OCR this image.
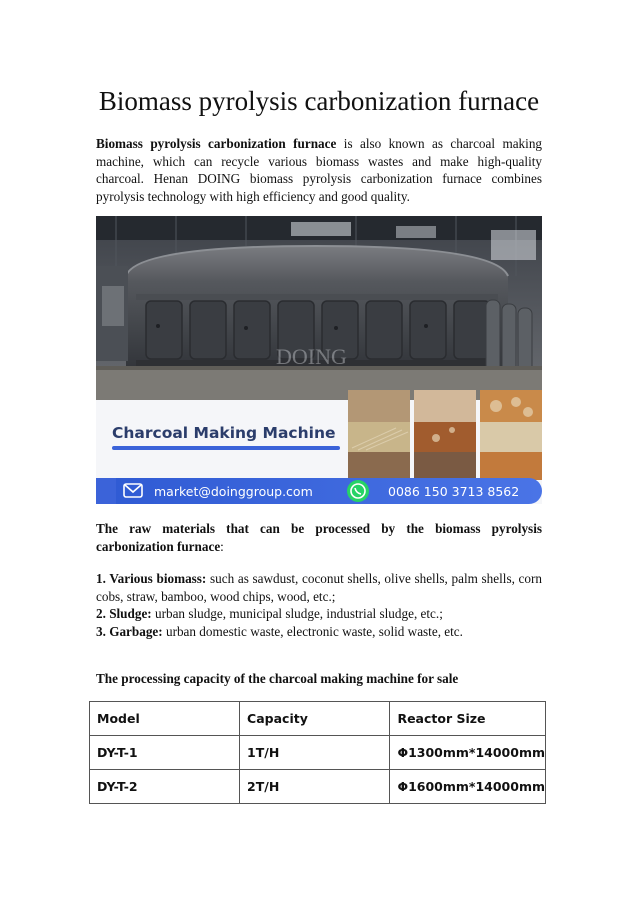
Biomass pyrolysis carbonization furnace

Biomass pyrolysis carbonization furnace is also known as charcoal making machine, which can recycle various biomass wastes and make high-quality charcoal. Henan DOING biomass pyrolysis carbonization furnace combines pyrolysis technology with high efficiency and good quality.

DOING
Charcoal Making Machine
market@doinggroup.com	0086 150 3713 8562

The raw materials that can be processed by the biomass pyrolysis carbonization furnace:

1. Various biomass: such as sawdust, coconut shells, olive shells, palm shells, corn cobs, straw, bamboo, wood chips, wood, etc.;

2. Sludge: urban sludge, municipal sludge, industrial sludge, etc.;

3. Garbage: urban domestic waste, electronic waste, solid waste, etc.

The processing capacity of the charcoal making machine for sale

Model	Capacity	Reactor Size
DY-T-1	1T/H	Φ1300mm*14000mm
DY-T-2	2T/H	Φ1600mm*14000mm
